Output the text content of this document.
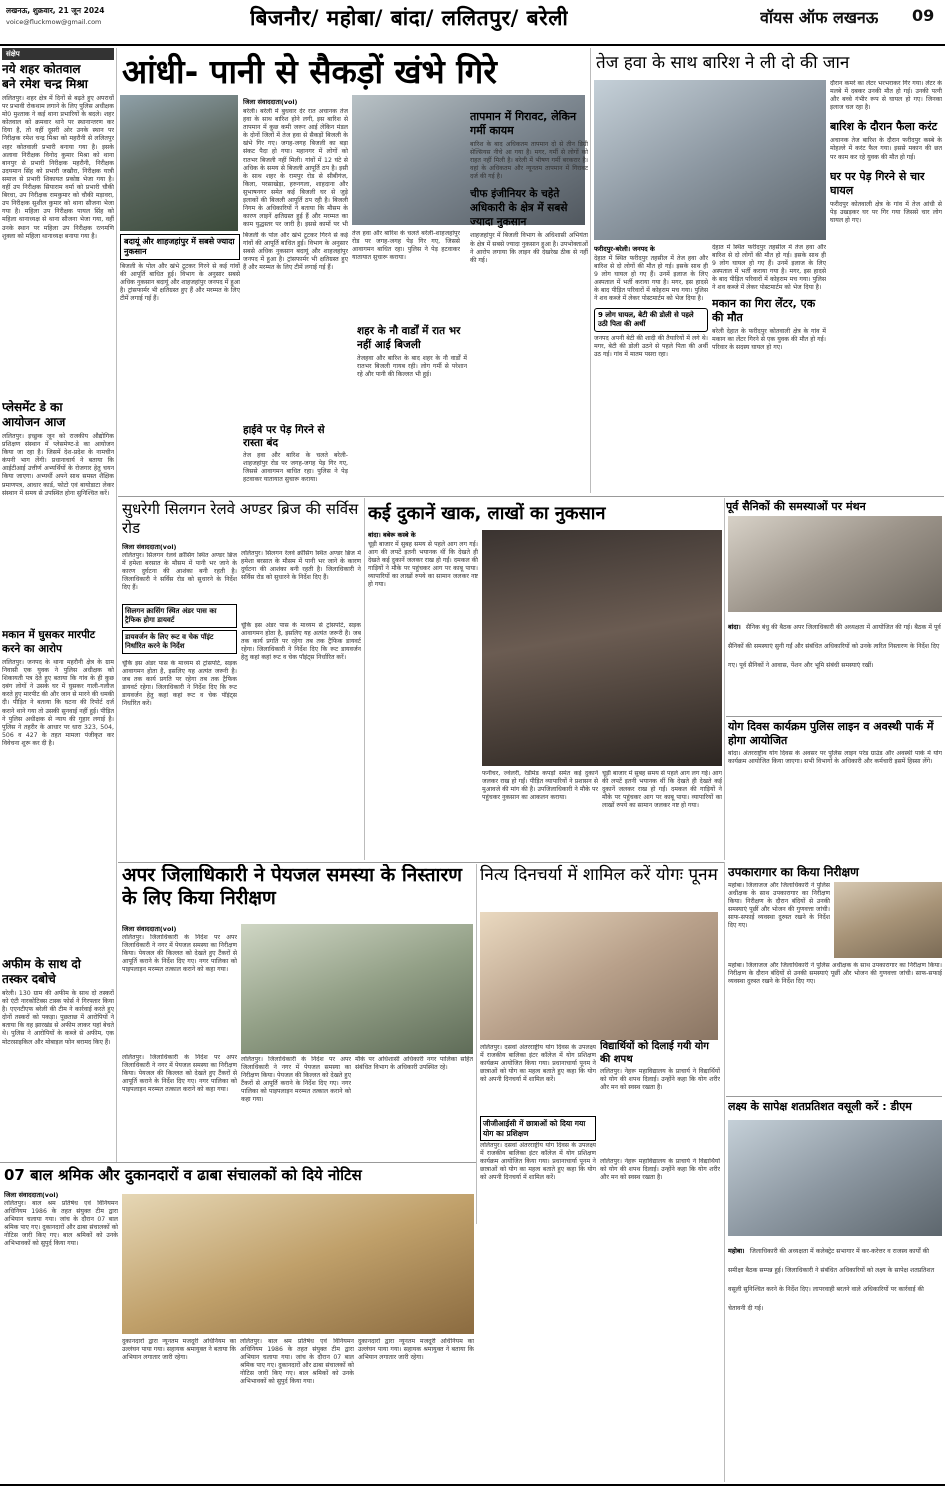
लखनऊ, शुक्रवार, 21 जून 2024
voice@fluckmow@gmail.com	बिजनौर/ महोबा/ बांदा/ ललितपुर/ बरेली	वॉयस ऑफ लखनऊ 09
संक्षेप
नये शहर कोतवाल
बने रमेश चन्द्र मिश्रा
ललितपुर। शहर क्षेत्र में दिनों से बढ़ते हुए अपराधों पर प्रभावी रोकथाम लगाने के लिए पुलिस अधीक्षक मो0 मुश्ताक ने कई थाना प्रभारियों के बदले। शहर कोतवाल को क्रमवार थाने पर स्थानान्तरण कर दिया है, तो वहीं दूसरी ओर उनके स्थान पर निरीक्षक रमेश चन्द्र मिश्रा को महरौनी से ललितपुर शहर कोतवाली प्रभारी बनाया गया है। इसके अलावा निरीक्षक विनोद कुमार मिश्रा को थाना बानपुर से प्रभारी निरीक्षक महरौनी, निरीक्षक उदयमान सिंह को प्रभारी जखौरा, निरीक्षक यात्री समाज से प्रभारी शिकायत प्रकोष्ठ भेजा गया है। वहीं उप निरीक्षक सियाराम वर्मा को प्रभारी चौकी बिरधा, उप निरीक्षक रामकुमार को चौकी मड़ावरा, उप निरीक्षक सुशील कुमार को थाना सौजना भेजा गया है। महिला उप निरीक्षक पायल सिंह को महिला थानाध्यक्ष से थाना सौजना भेजा गया, वहीं उनके स्थान पर महिला उप निरीक्षक रत्नमणि शुक्ला को महिला थानाध्यक्ष बनाया गया है।
प्लेसमेंट डे का
आयोजन आज
ललितपुर। इच्छुक जून को राजकीय औद्योगिक प्रशिक्षण संस्थान में प्लेसमेण्ट-डे का आयोजन किया जा रहा है। जिसमें देश-प्रदेश के नामचीन कंपनी भाग लेंगी। प्रधानाचार्य ने बताया कि आईटीआई उत्तीर्ण अभ्यर्थियों के रोजगार हेतु चयन किया जाएगा। अभ्यर्थी अपने साथ समस्त शैक्षिक प्रमाणपत्र, आधार कार्ड, फोटो एवं बायोडाटा लेकर संस्थान में समय से उपस्थित होना सुनिश्चित करें।
मकान में घुसकर मारपीट
करने का आरोप
ललितपुर। जनपद के थाना महरौनी क्षेत्र के ग्राम निवासी एक युवक ने पुलिस अधीक्षक को शिकायती पत्र देते हुए बताया कि गांव के ही कुछ दबंग लोगों ने उसके घर में घुसकर गाली-गलौज करते हुए मारपीट की और जान से मारने की धमकी दी। पीड़ित ने बताया कि घटना की रिपोर्ट दर्ज कराने थाने गया तो उसकी सुनवाई नहीं हुई। पीड़ित ने पुलिस अधीक्षक से न्याय की गुहार लगाई है। पुलिस ने तहरीर के आधार पर धारा 323, 504, 506 व 427 के तहत मामला पंजीकृत कर विवेचना शुरू कर दी है।
अफीम के साथ दो
तस्कर दबोचे
बरेली। 130 ग्राम की अफीम के साथ दो तस्करों को एंटी नारकोटिक्स टास्क फोर्स ने गिरफ्तार किया है। एएनटीएफ बरेली की टीम ने कार्रवाई करते हुए दोनों तस्करों को पकड़ा। पूछताछ में आरोपियों ने बताया कि वह झारखंड से अफीम लाकर यहां बेचते थे। पुलिस ने आरोपियों के कब्जे से अफीम, एक मोटरसाइकिल और मोबाइल फोन बरामद किए हैं।
आंधी- पानी से सैकड़ों खंभे गिरे
जिला संवाददाता(vol)
बरेली। बरेली में बुधवार देर रात अचानक तेज हवा के साथ बारिश होने लगी, इस बारिश से तापमान में कुछ कमी जरूर आई लेकिन मंडल के दोनों जिलों में तेज हवा से सैकड़ों बिजली के खंभे गिर गए। जगह-जगह बिजली का बड़ा संकट पैदा हो गया। महानगर में लोगों को रातभर बिजली नहीं मिली। गांवों में 12 घंटे से अधिक के समय से बिजली आपूर्ति ठप है। इसी के साथ शहर के रामपुर रोड से सीबीगंज, किला, परसाखेड़ा, हरुनगला, शाहदाना और सुभाषनगर समेत कई बिजली घर से जुड़े इलाकों की बिजली आपूर्ति ठप रही है। बिजली निगम के अधिकारियों ने बताया कि मौसम के कारण लाइनें क्षतिग्रस्त हुई हैं और मरम्मत का काम युद्धस्तर पर जारी है। इससे कामों पर भी
बदायूं और शाहजहांपुर में सबसे ज्यादा नुकसान
बिजली के पोल और खंभे टूटकर गिरने से कई गांवों की आपूर्ति बाधित हुई। विभाग के अनुसार सबसे अधिक नुकसान बदायूं और शाहजहांपुर जनपद में हुआ है। ट्रांसफार्मर भी क्षतिग्रस्त हुए हैं और मरम्मत के लिए टीमें लगाई गई हैं।
बिजली के पोल और खंभे टूटकर गिरने से कई गांवों की आपूर्ति बाधित हुई। विभाग के अनुसार सबसे अधिक नुकसान बदायूं और शाहजहांपुर जनपद में हुआ है। ट्रांसफार्मर भी क्षतिग्रस्त हुए हैं और मरम्मत के लिए टीमें लगाई गई हैं।
हाईवे पर पेड़ गिरने से रास्ता बंद
तेज हवा और बारिश के चलते बरेली-शाहजहांपुर रोड पर जगह-जगह पेड़ गिर गए, जिससे आवागमन बाधित रहा। पुलिस ने पेड़ हटवाकर यातायात सुचारू कराया।
तेज हवा और बारिश के चलते बरेली-शाहजहांपुर रोड पर जगह-जगह पेड़ गिर गए, जिससे आवागमन बाधित रहा। पुलिस ने पेड़ हटवाकर यातायात सुचारू कराया।
शहर के नौ वार्डों में रात भर नहीं आई बिजली
तेजहवा और बारिश के बाद शहर के नौ वार्डों में रातभर बिजली गायब रही। लोग गर्मी से परेशान रहे और पानी की किल्लत भी हुई।
तापमान में गिरावट, लेकिन गर्मी कायम
बारिश के बाद अधिकतम तापमान दो से तीन डिग्री सेल्सियस नीचे आ गया है। मगर, गर्मी से लोगों को राहत नहीं मिली है। बरेली में भीषण गर्मी बरकरार है। वहां के अधिकतम और न्यूनतम तापमान में गिरावट दर्ज की गई है।
चीफ इंजीनियर के चहेते अधिकारी के क्षेत्र में सबसे ज्यादा नुकसान
शाहजहांपुर में बिजली विभाग के अधिशासी अभियंता के क्षेत्र में सबसे ज्यादा नुकसान हुआ है। उपभोक्ताओं ने आरोप लगाया कि लाइन की देखरेख ठीक से नहीं की गई।
तेज हवा के साथ बारिश ने ली दो की जान
दौरान कमरे का लेंटर भरभराकर गिर गया। लेंटर के मलबे में दबकर उनकी मौत हो गई। उनकी पत्नी और बच्चे गंभीर रूप से घायल हो गए। जिनका इलाज चल रहा है।
बारिश के दौरान फैला करंट
अचानक तेज बारिश के दौरान फरीदपुर कस्बे के मोहल्ले में करंट फैल गया। इससे मकान की छत पर काम कर रहे युवक की मौत हो गई।
घर पर पेड़ गिरने से चार घायल
फरीदपुर कोतवाली क्षेत्र के गांव में तेज आंधी से पेड़ उखड़कर घर पर गिर गया जिससे चार लोग घायल हो गए।
फरीदपुर-बरेली। जनपद के
देहात में स्थित फरीदपुर तहसील में तेज हवा और बारिश से दो लोगों की मौत हो गई। इसके साथ ही 9 लोग घायल हो गए हैं। उनमें इलाज के लिए अस्पताल में भर्ती कराया गया है। मगर, इस हादसे के बाद पीड़ित परिवारों में कोहराम मच गया। पुलिस ने शव कब्जे में लेकर पोस्टमार्टम को भेज दिया है।
9 लोग घायल, बेटी की डोली से पहले उठी पिता की अर्थी
जनपद अपनी बेटी की शादी की तैयारियों में लगे थे। मगर, बेटी की डोली उठने से पहले पिता की अर्थी उठ गई। गांव में मातम पसरा रहा।
देहात में स्थित फरीदपुर तहसील में तेज हवा और बारिश से दो लोगों की मौत हो गई। इसके साथ ही 9 लोग घायल हो गए हैं। उनमें इलाज के लिए अस्पताल में भर्ती कराया गया है। मगर, इस हादसे के बाद पीड़ित परिवारों में कोहराम मच गया। पुलिस ने शव कब्जे में लेकर पोस्टमार्टम को भेज दिया है।
मकान का गिरा लेंटर, एक की मौत
बरेली देहात के फरीदपुर कोतवाली क्षेत्र के गांव में मकान का लेंटर गिरने से एक युवक की मौत हो गई। परिवार के सदस्य घायल हो गए।
सुधरेगी सिलगन रेलवे अण्डर ब्रिज की सर्विस रोड
जिला संवाददाता(vol)
ललितपुर। सिलगन रेलवे क्रॉसिंग स्थित अण्डर ब्रिज में हमेशा बरसात के मौसम में पानी भर जाने के कारण दुर्घटना की आशंका बनी रहती है। जिलाधिकारी ने सर्विस रोड को सुधारने के निर्देश दिए हैं।
सिलगन क्रासिंग स्थित अंडर पास का ट्रैफिक होगा डायवर्ट
डायवर्जन के लिए रूट व चेक पॉइंट निर्धारित करने के निर्देश
चूंकि इस अंडर पास के माध्यम से ट्रांसपोर्ट, सड़क आवागमन होता है, इसलिए यह अत्यंत जरूरी है। जब तक कार्य प्रगति पर रहेगा तब तक ट्रैफिक डायवर्ट रहेगा। जिलाधिकारी ने निर्देश दिए कि रूट डायवर्जन हेतु कहां कहां रूट व चेक पॉइंट्स निर्धारित करें।
ललितपुर। सिलगन रेलवे क्रॉसिंग स्थित अण्डर ब्रिज में हमेशा बरसात के मौसम में पानी भर जाने के कारण दुर्घटना की आशंका बनी रहती है। जिलाधिकारी ने सर्विस रोड को सुधारने के निर्देश दिए हैं।
चूंकि इस अंडर पास के माध्यम से ट्रांसपोर्ट, सड़क आवागमन होता है, इसलिए यह अत्यंत जरूरी है। जब तक कार्य प्रगति पर रहेगा तब तक ट्रैफिक डायवर्ट रहेगा। जिलाधिकारी ने निर्देश दिए कि रूट डायवर्जन हेतु कहां कहां रूट व चेक पॉइंट्स निर्धारित करें।
कई दुकानें खाक, लाखों का नुकसान
बांदा। बबेरू कस्बे के
चूड़ी बाजार में सुबह समय से पहले आग लग गई। आग की लपटें इतनी भयानक थीं कि देखते ही देखते कई दुकानें जलकर राख हो गईं। दमकल की गाड़ियों ने मौके पर पहुंचकर आग पर काबू पाया। व्यापारियों का लाखों रुपये का सामान जलकर नष्ट हो गया।
फर्नीचर, ज्वेलरी, रेडीमेड कपड़ों समेत कई दुकानें जलकर राख हो गईं। पीड़ित व्यापारियों ने प्रशासन से मुआवजे की मांग की है। उपजिलाधिकारी ने मौके पर पहुंचकर नुकसान का आकलन कराया।
चूड़ी बाजार में सुबह समय से पहले आग लग गई। आग की लपटें इतनी भयानक थीं कि देखते ही देखते कई दुकानें जलकर राख हो गईं। दमकल की गाड़ियों ने मौके पर पहुंचकर आग पर काबू पाया। व्यापारियों का लाखों रुपये का सामान जलकर नष्ट हो गया।
पूर्व सैनिकों की समस्याओं पर मंथन
बांदा। सैनिक बंधु की बैठक अपर जिलाधिकारी की अध्यक्षता में आयोजित की गई। बैठक में पूर्व सैनिकों की समस्याएं सुनी गईं और संबंधित अधिकारियों को उनके त्वरित निस्तारण के निर्देश दिए गए। पूर्व सैनिकों ने आवास, पेंशन और भूमि संबंधी समस्याएं रखीं।
योग दिवस कार्यक्रम पुलिस लाइन व अवस्थी पार्क में होगा आयोजित
बांदा। अंतरराष्ट्रीय योग दिवस के अवसर पर पुलिस लाइन परेड ग्राउंड और अवस्थी पार्क में योग कार्यक्रम आयोजित किया जाएगा। सभी विभागों के अधिकारी और कर्मचारी इसमें हिस्सा लेंगे।
अपर जिलाधिकारी ने पेयजल समस्या के निस्तारण के लिए किया निरीक्षण
जिला संवाददाता(vol)
ललितपुर। जिलाधिकारी के निर्देश पर अपर जिलाधिकारी ने नगर में पेयजल समस्या का निरीक्षण किया। पेयजल की किल्लत को देखते हुए टैंकरों से आपूर्ति कराने के निर्देश दिए गए। नगर पालिका को पाइपलाइन मरम्मत तत्काल कराने को कहा गया।
ललितपुर। जिलाधिकारी के निर्देश पर अपर जिलाधिकारी ने नगर में पेयजल समस्या का निरीक्षण किया। पेयजल की किल्लत को देखते हुए टैंकरों से आपूर्ति कराने के निर्देश दिए गए। नगर पालिका को पाइपलाइन मरम्मत तत्काल कराने को कहा गया।
ललितपुर। जिलाधिकारी के निर्देश पर अपर जिलाधिकारी ने नगर में पेयजल समस्या का निरीक्षण किया। पेयजल की किल्लत को देखते हुए टैंकरों से आपूर्ति कराने के निर्देश दिए गए। नगर पालिका को पाइपलाइन मरम्मत तत्काल कराने को कहा गया।
मौके पर अधिशासी अधिकारी नगर पालिका सहित संबंधित विभाग के अधिकारी उपस्थित रहे।
नित्य दिनचर्या में शामिल करें योगः पूनम
विद्यार्थियों को दिलाई गयी योग की शपथ
ललितपुर। नेहरू महाविद्यालय के प्राचार्य ने विद्यार्थियों को योग की शपथ दिलाई। उन्होंने कहा कि योग शरीर और मन को स्वस्थ रखता है।
ललितपुर। दसवां अंतरराष्ट्रीय योग दिवस के उपलक्ष्य में राजकीय बालिका इंटर कॉलेज में योग प्रशिक्षण कार्यक्रम आयोजित किया गया। प्रधानाचार्या पूनम ने छात्राओं को योग का महत्व बताते हुए कहा कि योग को अपनी दिनचर्या में शामिल करें।
जीजीआईसी में छात्राओं को दिया गया योग का प्रशिक्षण
ललितपुर। दसवां अंतरराष्ट्रीय योग दिवस के उपलक्ष्य में राजकीय बालिका इंटर कॉलेज में योग प्रशिक्षण कार्यक्रम आयोजित किया गया। प्रधानाचार्या पूनम ने छात्राओं को योग का महत्व बताते हुए कहा कि योग को अपनी दिनचर्या में शामिल करें।
ललितपुर। नेहरू महाविद्यालय के प्राचार्य ने विद्यार्थियों को योग की शपथ दिलाई। उन्होंने कहा कि योग शरीर और मन को स्वस्थ रखता है।
उपकारागार का किया निरीक्षण
महोबा। जिलाजज और जिलाधिकारी ने पुलिस अधीक्षक के साथ उपकारागार का निरीक्षण किया। निरीक्षण के दौरान बंदियों से उनकी समस्याएं पूछीं और भोजन की गुणवत्ता जांची। साफ-सफाई व्यवस्था दुरुस्त रखने के निर्देश दिए गए।
महोबा। जिलाजज और जिलाधिकारी ने पुलिस अधीक्षक के साथ उपकारागार का निरीक्षण किया। निरीक्षण के दौरान बंदियों से उनकी समस्याएं पूछीं और भोजन की गुणवत्ता जांची। साफ-सफाई व्यवस्था दुरुस्त रखने के निर्देश दिए गए।
लक्ष्य के सापेक्ष शतप्रतिशत वसूली करें : डीएम
महोबा। जिलाधिकारी की अध्यक्षता में कलेक्ट्रेट सभागार में कर-करेत्तर व राजस्व कार्यों की समीक्षा बैठक सम्पन्न हुई। जिलाधिकारी ने संबंधित अधिकारियों को लक्ष्य के सापेक्ष शतप्रतिशत वसूली सुनिश्चित करने के निर्देश दिए। लापरवाही बरतने वाले अधिकारियों पर कार्रवाई की चेतावनी दी गई।
07 बाल श्रमिक और दुकानदारों व ढाबा संचालकों को दिये नोटिस
जिला संवाददाता(vol)
ललितपुर। बाल श्रम प्रतिषेध एवं विनियमन अधिनियम 1986 के तहत संयुक्त टीम द्वारा अभियान चलाया गया। जांच के दौरान 07 बाल श्रमिक पाए गए। दुकानदारों और ढाबा संचालकों को नोटिस जारी किए गए। बाल श्रमिकों को उनके अभिभावकों को सुपुर्द किया गया।
दुकानदारों द्वारा न्यूनतम मजदूरी अधिनियम का उल्लंघन पाया गया। सहायक श्रमायुक्त ने बताया कि अभियान लगातार जारी रहेगा।
ललितपुर। बाल श्रम प्रतिषेध एवं विनियमन अधिनियम 1986 के तहत संयुक्त टीम द्वारा अभियान चलाया गया। जांच के दौरान 07 बाल श्रमिक पाए गए। दुकानदारों और ढाबा संचालकों को नोटिस जारी किए गए। बाल श्रमिकों को उनके अभिभावकों को सुपुर्द किया गया।
दुकानदारों द्वारा न्यूनतम मजदूरी अधिनियम का उल्लंघन पाया गया। सहायक श्रमायुक्त ने बताया कि अभियान लगातार जारी रहेगा।
